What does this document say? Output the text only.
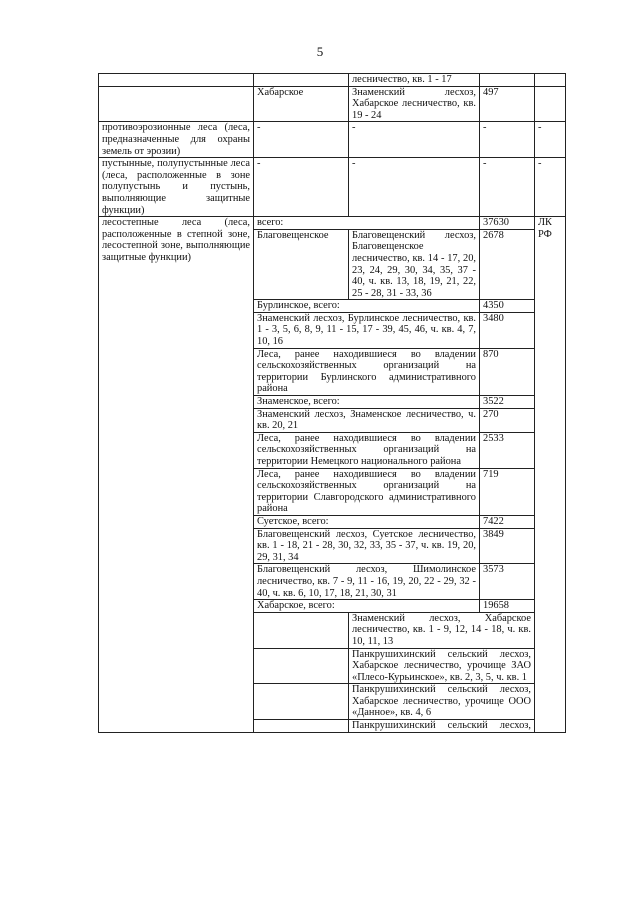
5
		лесничество, кв. 1 - 17			
	Хабарское	Знаменский лесхоз, Хабарское лесничество, кв. 19 - 24	497		
противоэрозионные леса (леса, предназначенные для охраны земель от эрозии)	-	-	-	-	
пустынные, полупустынные леса (леса, расположенные в зоне полупустынь и пустынь, выполняющие защитные функции)	-	-	-	-	
лесостепные леса (леса, расположенные в степной зоне, лесостепной зоне, выполняющие защитные функции)	всего:		37630	ЛК РФ	
	Благовещенское	Благовещенский лесхоз, Благовещенское лесничество, кв. 14 - 17, 20, 23, 24, 29, 30, 34, 35, 37 - 40, ч. кв. 13, 18, 19, 21, 22, 25 - 28, 31 - 33, 36	2678		
	Бурлинское, всего:		4350		
	Знаменский лесхоз, Бурлинское лесничество, кв. 1 - 3, 5, 6, 8, 9, 11 - 15, 17 - 39, 45, 46, ч. кв. 4, 7, 10, 16		3480		
	Леса, ранее находившиеся во владении сельскохозяйственных организаций на территории Бурлинского административного района		870		
	Знаменское, всего:		3522		
	Знаменский лесхоз, Знаменское лесничество, ч. кв. 20, 21		270		
	Леса, ранее находившиеся во владении сельскохозяйственных организаций на территории Немецкого национального района		2533		
	Леса, ранее находившиеся во владении сельскохозяйственных организаций на территории Славгородского административного района		719		
	Суетское, всего:		7422		
	Благовещенский лесхоз, Суетское лесничество, кв. 1 - 18, 21 - 28, 30, 32, 33, 35 - 37, ч. кв. 19, 20, 29, 31, 34		3849		
	Благовещенский лесхоз, Шимолинское лесничество, кв. 7 - 9, 11 - 16, 19, 20, 22 - 29, 32 - 40, ч. кв. 6, 10, 17, 18, 21, 30, 31		3573		
	Хабарское, всего:		19658		
		Знаменский лесхоз, Хабарское лесничество, кв. 1 - 9, 12, 14 - 18, ч. кв. 10, 11, 13		
		Панкрушихинский сельский лесхоз, Хабарское лесничество, урочище ЗАО «Плесо-Курьинское», кв. 2, 3, 5, ч. кв. 1		
		Панкрушихинский сельский лесхоз, Хабарское лесничество, урочище ООО «Данное», кв. 4, 6		
		Панкрушихинский сельский лесхоз,		
